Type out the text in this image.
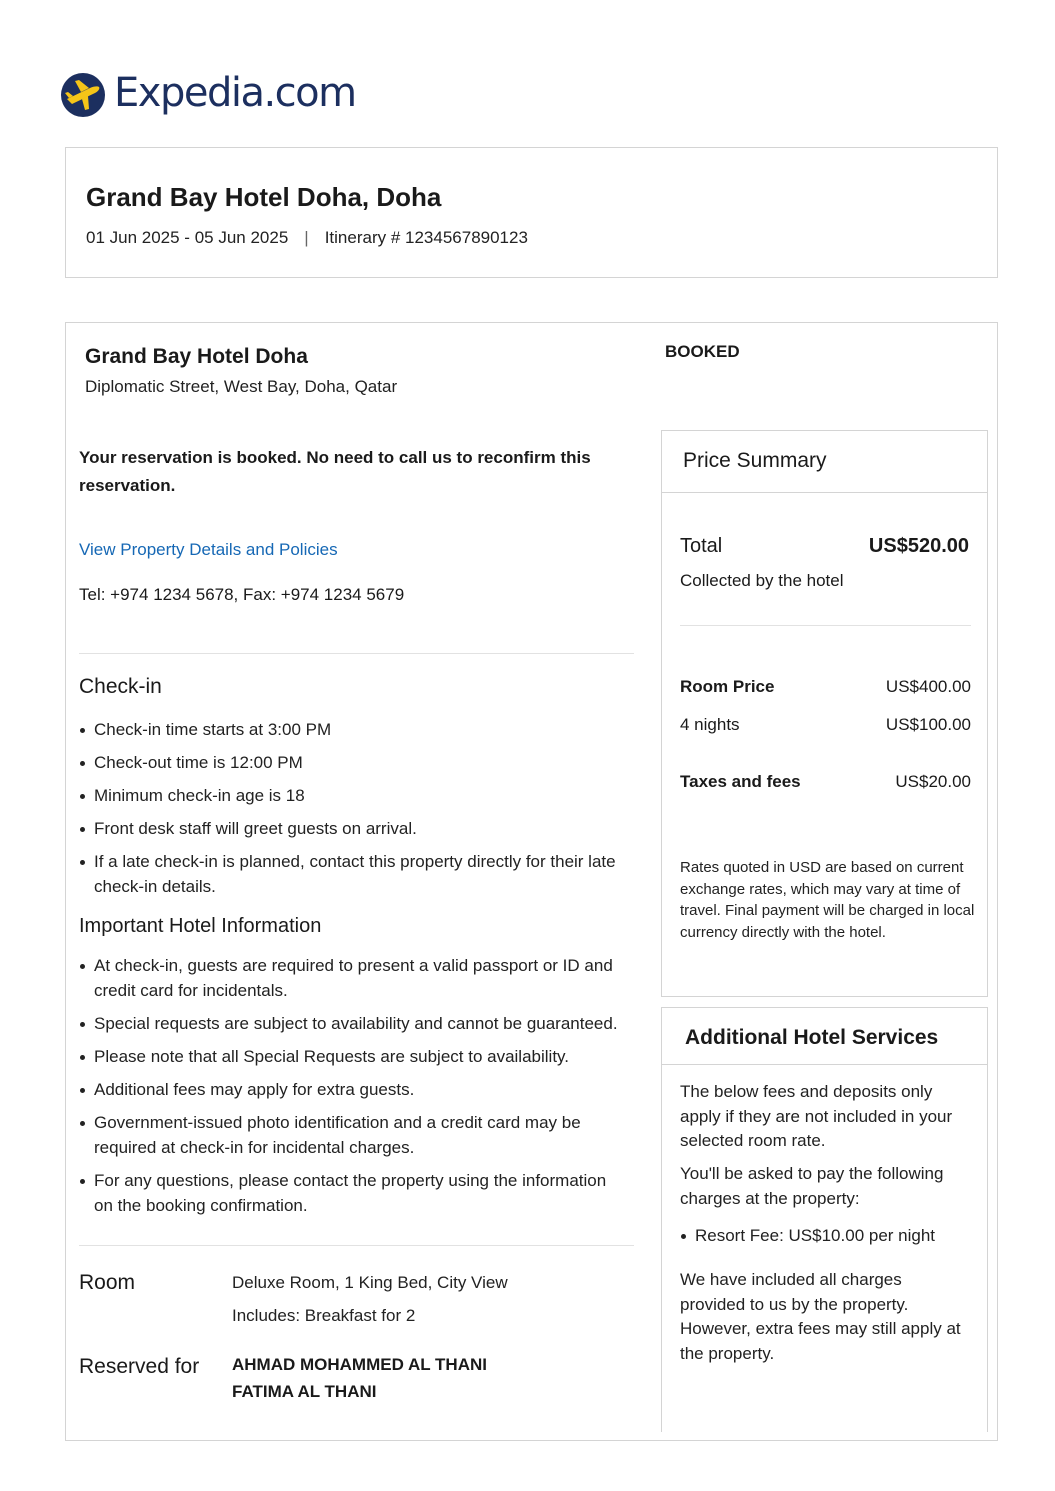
Expedia.com
Grand Bay Hotel Doha, Doha
01 Jun 2025 - 05 Jun 2025 | Itinerary # 1234567890123
Grand Bay Hotel Doha
Diplomatic Street, West Bay, Doha, Qatar
BOOKED
Your reservation is booked. No need to call us to reconfirm this reservation.
View Property Details and Policies
Tel: +974 1234 5678, Fax: +974 1234 5679
Check-in
Check-in time starts at 3:00 PM
Check-out time is 12:00 PM
Minimum check-in age is 18
Front desk staff will greet guests on arrival.
If a late check-in is planned, contact this property directly for their late check-in details.
Important Hotel Information
At check-in, guests are required to present a valid passport or ID and credit card for incidentals.
Special requests are subject to availability and cannot be guaranteed.
Please note that all Special Requests are subject to availability.
Additional fees may apply for extra guests.
Government-issued photo identification and a credit card may be required at check-in for incidental charges.
For any questions, please contact the property using the information on the booking confirmation.
Room	Deluxe Room, 1 King Bed, City View
Includes: Breakfast for 2
Reserved for AHMAD MOHAMMED AL THANI
FATIMA AL THANI
Price Summary
Total	US$520.00
Collected by the hotel
Room Price	US$400.00
4 nights	US$100.00
Taxes and fees	US$20.00
Rates quoted in USD are based on current exchange rates, which may vary at time of travel. Final payment will be charged in local currency directly with the hotel.
Additional Hotel Services
The below fees and deposits only apply if they are not included in your selected room rate.
You'll be asked to pay the following charges at the property:
Resort Fee: US$10.00 per night
We have included all charges provided to us by the property. However, extra fees may still apply at the property.
